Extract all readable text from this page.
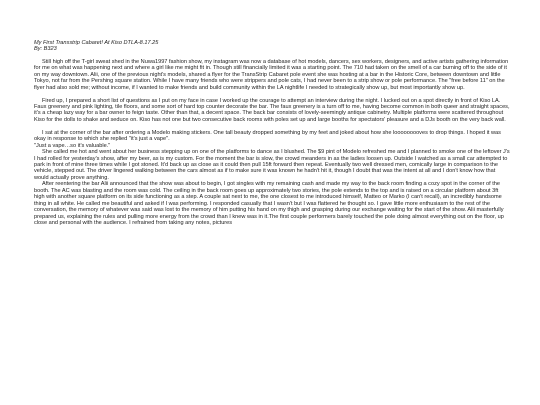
My First Transstrip Cabaret! At Kiso DTLA-8.17.25
By: B323

Still high off the T-girl sweat shed in the Nuwa1997 fashion show, my instagram was now a database of hot models, dancers, sex workers, designers, and active artists gathering information for me on what was happening next and where a girl like me might fit in. Though still financially limited it was a starting point. The 710 had taken on the smell of a car burning off to the side of it on my way downtown. Alii, one of the previous night's models, shared a flyer for the TransStrip Cabaret pole event she was hosting at a bar in the Historic Core, between downtown and little Tokyo, not far from the Pershing square station. While I have many friends who were strippers and pole cats, I had never been to a strip show or pole performance. The "free before 11" on the flyer had also sold me; without income, if I wanted to make friends and build community within the LA nightlife I needed to strategically show up, but most importantly show up.

Fired up, I prepared a short list of questions as I put on my face in case I worked up the courage to attempt an interview during the night. I lucked out on a spot directly in front of Kiso LA. Faux greenery and pink lighting, tile floors, and some sort of hard top counter decorate the bar. The faux greenery is a turn off to me, having become common in both queer and straight spaces, it's a cheap lazy way for a bar owner to feign taste. Other than that, a decent space. The back bar consists of lovely-seemingly antique cabinetry. Multiple platforms were scattered throughout Kiso for the dolls to shake and seduce on. Kiso has not one but two consecutive back rooms with poles set up and large booths for spectators' pleasure and a DJs booth on the very back wall.

I sat at the corner of the bar after ordering a Modelo making stickers. One tall beauty dropped something by my feet and joked about how she looooooooves to drop things. I hoped it was okay in response to which she replied "it's just a vape".

"Just a vape…so it's valuable."

She called me hot and went about her business stepping up on one of the platforms to dance as I blushed. The $9 pint of Modelo refreshed me and I planned to smoke one of the leftover J's I had rolled for yesterday's show, after my beer, as is my custom. For the moment the bar is slow, the crowd meanders in as the ladies loosen up. Outside I watched as a small car attempted to park in front of mine three times while I got stoned. It'd back up as close as it could then pull 15ft forward then repeat. Eventually two well dressed men, comically large in comparison to the vehicle, stepped out. The driver lingered walking between the cars almost as if to make sure it was known he hadn't hit it, though I doubt that was the intent at all and I don't know how that would actually prove anything.

After reentering the bar Alii announced that the show was about to begin, I got singles with my remaining cash and made my way to the back room finding a cozy spot in the corner of the booth. The AC was blasting and the room was cold. The ceiling in the back room goes up approximately two stories, the pole extends to the top and is raised on a circular platform about 3ft high with another square platform on its side functioning as a step. A couple sat next to me, the one closest to me introduced himself, Matteo or Marko (I can't recall), an incredibly handsome thing in all white. He called me beautiful and asked if I was performing. I responded casually that I wasn't but I was flattered he thought so. I gave little more enthusiasm to the rest of the conversation, the memory of whatever was said was lost to the memory of him putting his hand on my thigh and grasping during our exchange waiting for the start of the show. Alii masterfully prepared us, explaining the rules and pulling more energy from the crowd than I knew was in it.The first couple performers barely touched the pole doing almost everything out on the floor, up close and personal with the audience. I refrained from taking any notes, pictures
